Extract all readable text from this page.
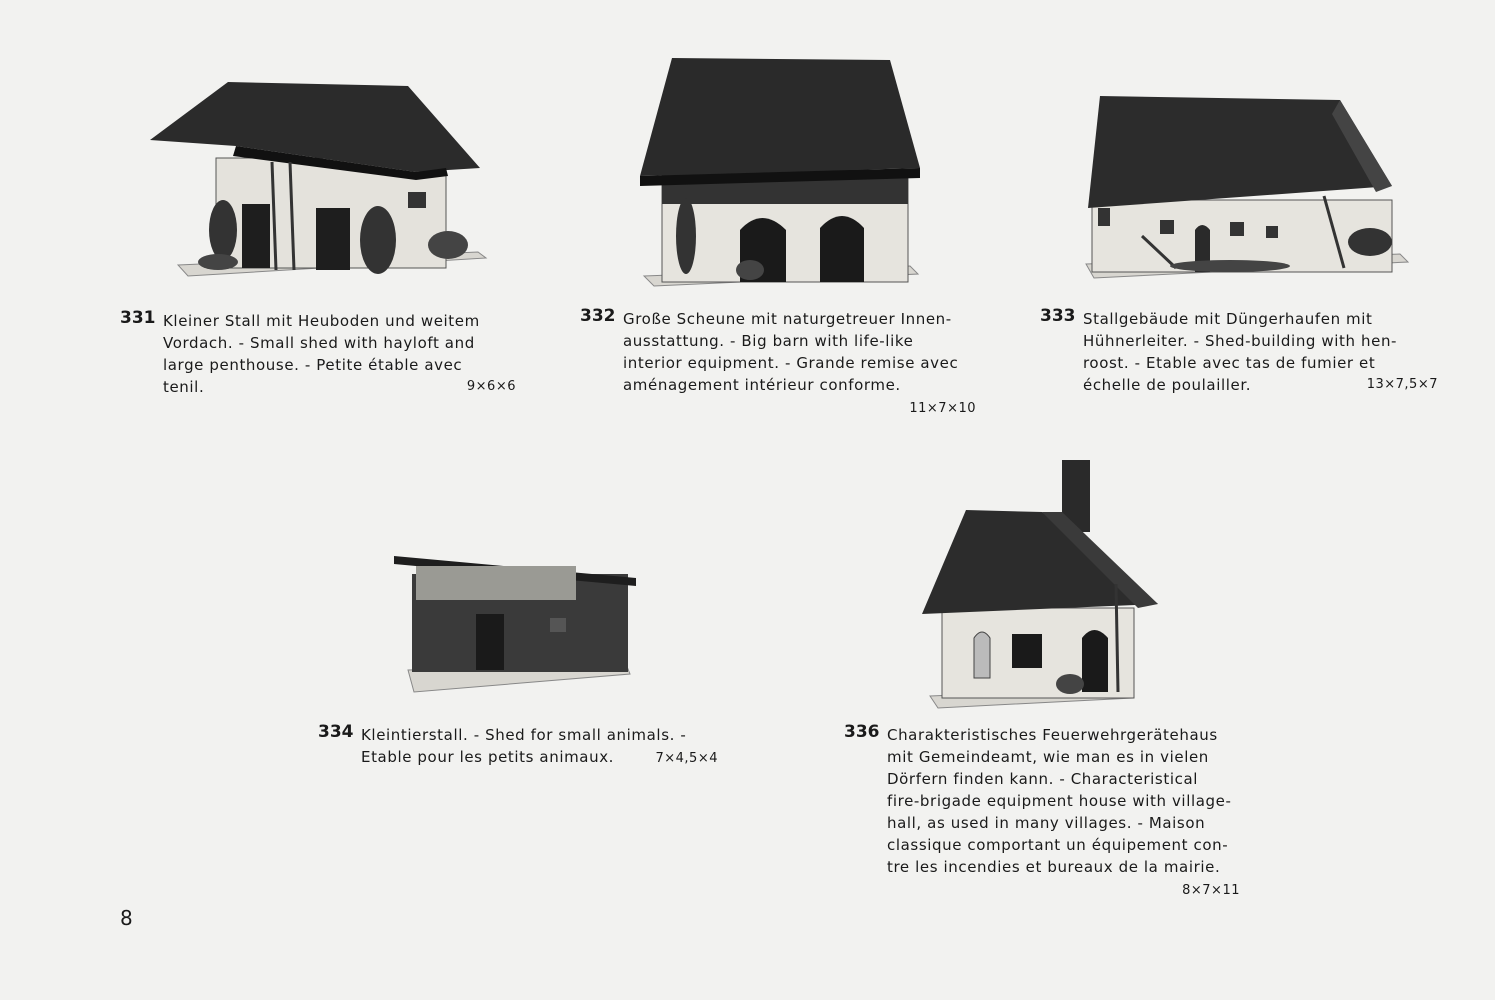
331 Kleiner Stall mit Heuboden und weitem
Vordach. - Small shed with hayloft and
large penthouse. - Petite étable avec
tenil.	9×6×6
332 Große Scheune mit naturgetreuer Innen-
ausstattung. - Big barn with life-like
interior equipment. - Grande remise avec
aménagement intérieur conforme.
11×7×10
333 Stallgebäude mit Düngerhaufen mit
Hühnerleiter. - Shed-building with hen-
roost. - Etable avec tas de fumier et
échelle de poulailler.	13×7,5×7
334 Kleintierstall. - Shed for small animals. -
Etable pour les petits animaux.	7×4,5×4
336 Charakteristisches Feuerwehrgerätehaus
mit Gemeindeamt, wie man es in vielen
Dörfern finden kann. - Characteristical
fire-brigade equipment house with village-
hall, as used in many villages. - Maison
classique comportant un équipement con-
tre les incendies et bureaux de la mairie.
8×7×11
8
